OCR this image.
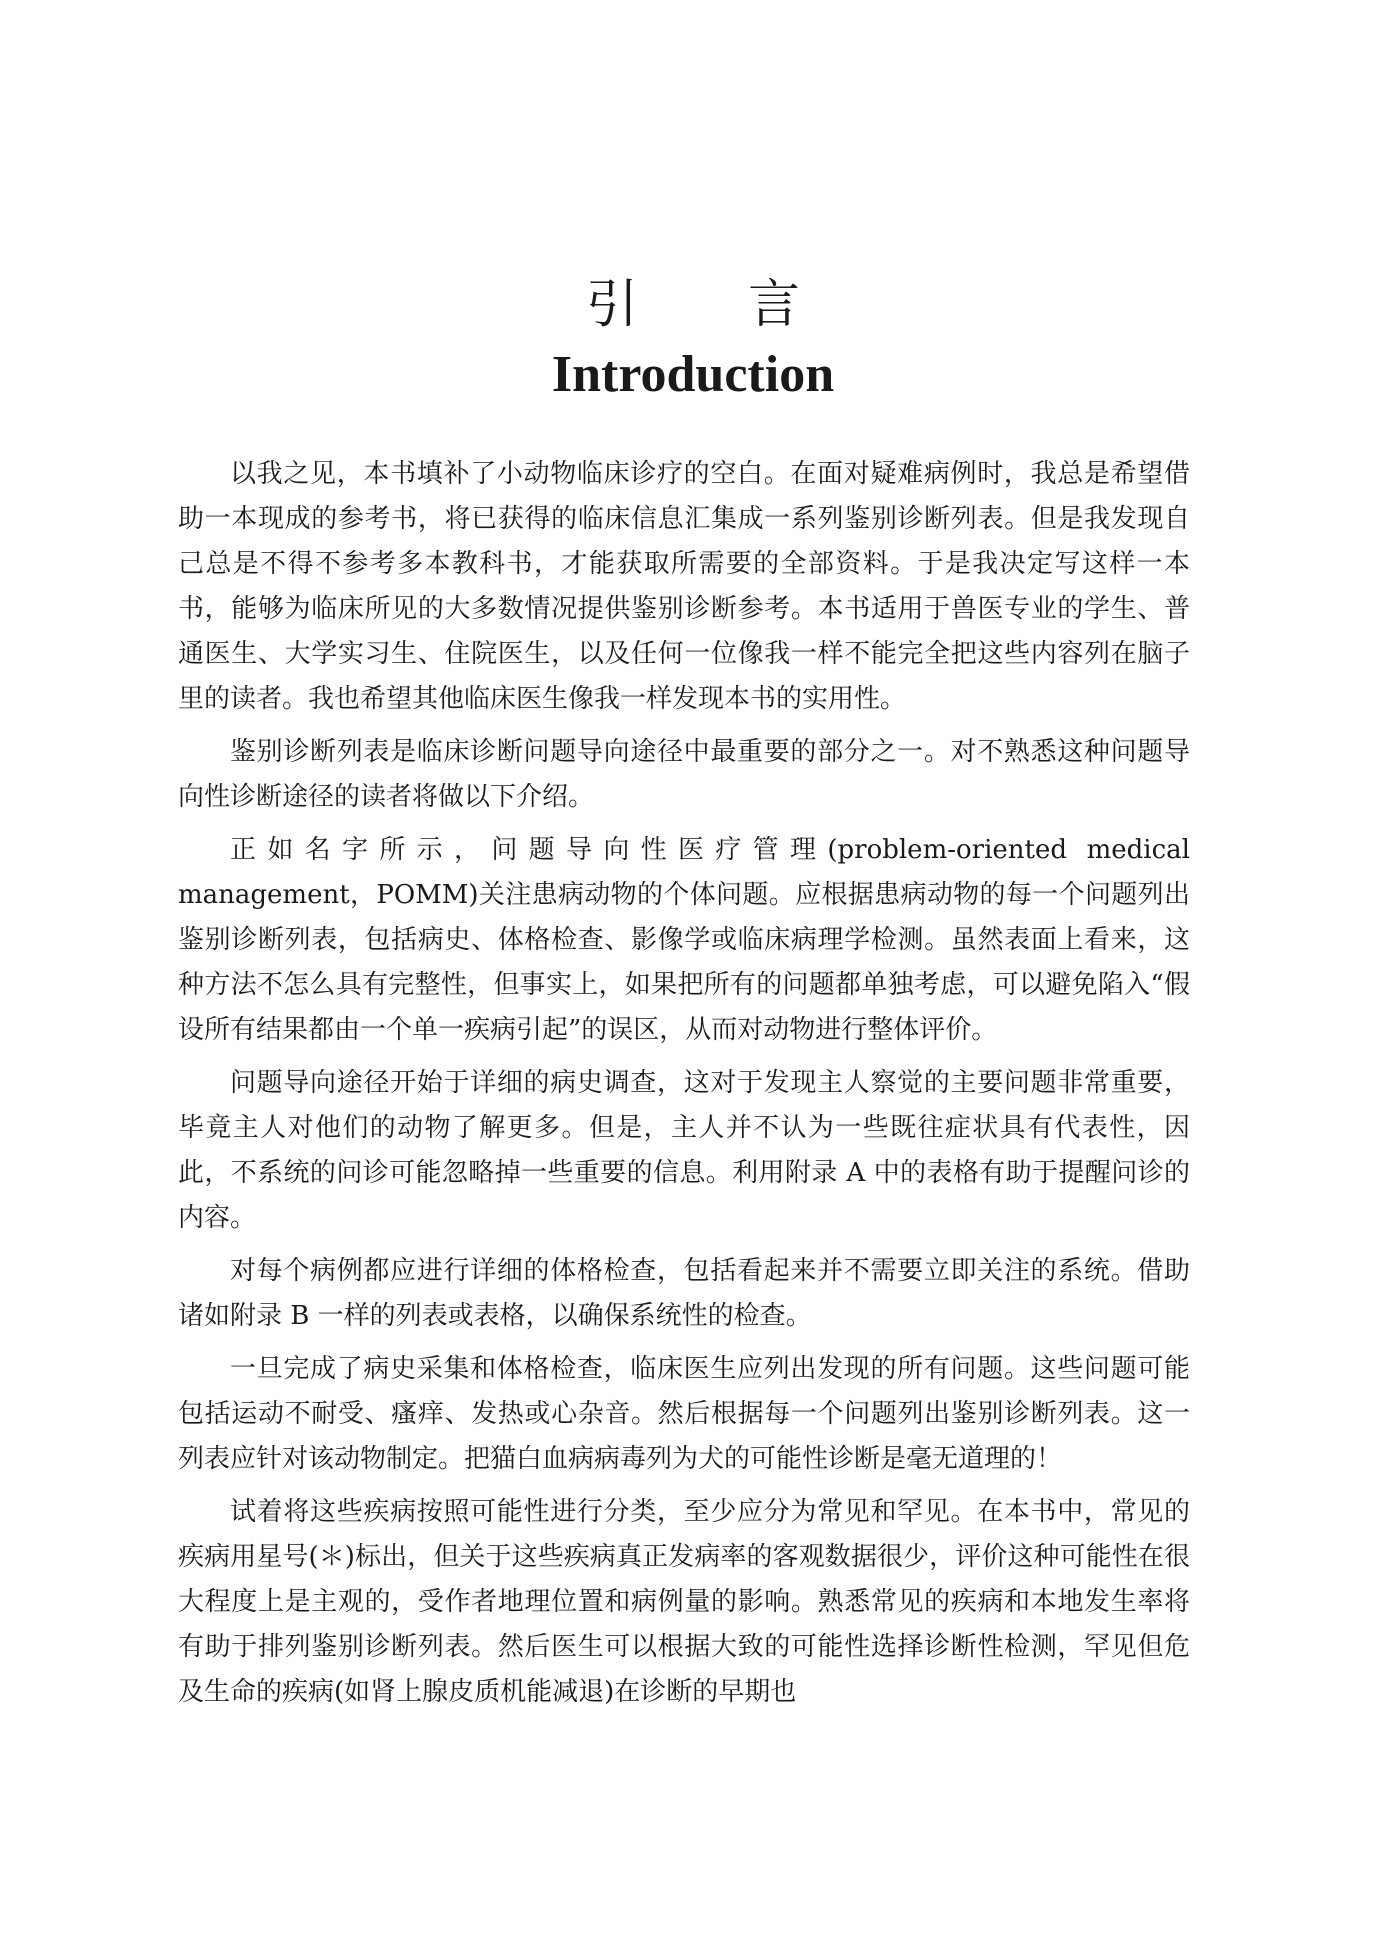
引 言
Introduction

以我之见，本书填补了小动物临床诊疗的空白。在面对疑难病例时，我总是希望借助一本现成的参考书，将已获得的临床信息汇集成一系列鉴别诊断列表。但是我发现自己总是不得不参考多本教科书，才能获取所需要的全部资料。于是我决定写这样一本书，能够为临床所见的大多数情况提供鉴别诊断参考。本书适用于兽医专业的学生、普通医生、大学实习生、住院医生，以及任何一位像我一样不能完全把这些内容列在脑子里的读者。我也希望其他临床医生像我一样发现本书的实用性。

鉴别诊断列表是临床诊断问题导向途径中最重要的部分之一。对不熟悉这种问题导向性诊断途径的读者将做以下介绍。

正如名字所示，问题导向性医疗管理(problem-oriented medical management，POMM)关注患病动物的个体问题。应根据患病动物的每一个问题列出鉴别诊断列表，包括病史、体格检查、影像学或临床病理学检测。虽然表面上看来，这种方法不怎么具有完整性，但事实上，如果把所有的问题都单独考虑，可以避免陷入“假设所有结果都由一个单一疾病引起”的误区，从而对动物进行整体评价。

问题导向途径开始于详细的病史调查，这对于发现主人察觉的主要问题非常重要，毕竟主人对他们的动物了解更多。但是，主人并不认为一些既往症状具有代表性，因此，不系统的问诊可能忽略掉一些重要的信息。利用附录 A 中的表格有助于提醒问诊的内容。

对每个病例都应进行详细的体格检查，包括看起来并不需要立即关注的系统。借助诸如附录 B 一样的列表或表格，以确保系统性的检查。

一旦完成了病史采集和体格检查，临床医生应列出发现的所有问题。这些问题可能包括运动不耐受、瘙痒、发热或心杂音。然后根据每一个问题列出鉴别诊断列表。这一列表应针对该动物制定。把猫白血病病毒列为犬的可能性诊断是毫无道理的！

试着将这些疾病按照可能性进行分类，至少应分为常见和罕见。在本书中，常见的疾病用星号(＊)标出，但关于这些疾病真正发病率的客观数据很少，评价这种可能性在很大程度上是主观的，受作者地理位置和病例量的影响。熟悉常见的疾病和本地发生率将有助于排列鉴别诊断列表。然后医生可以根据大致的可能性选择诊断性检测，罕见但危及生命的疾病(如肾上腺皮质机能减退)在诊断的早期也
